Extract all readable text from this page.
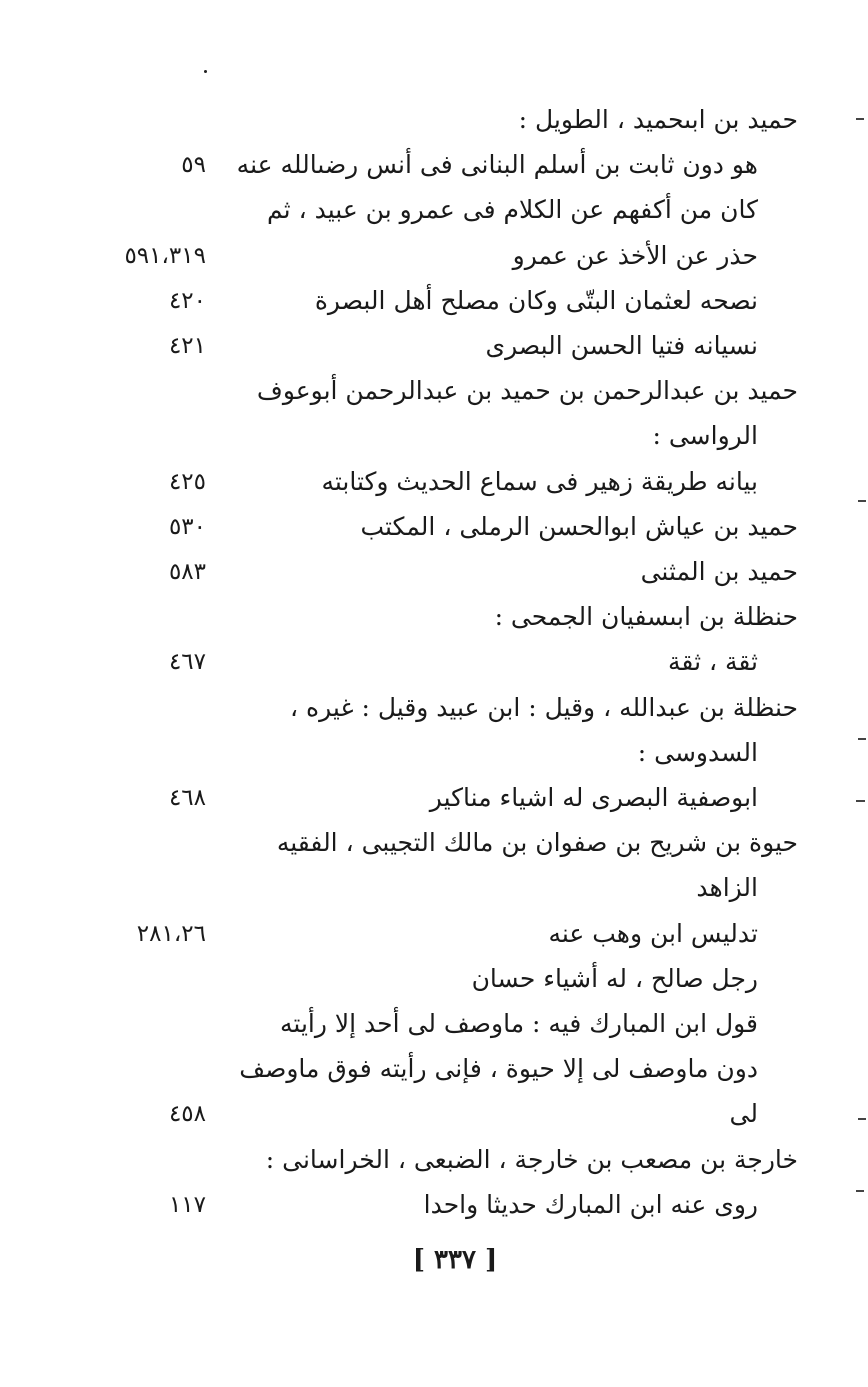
حميد بن ابىحميد ، الطويل :
هو دون ثابت بن أسلم البنانى فى أنس رضىالله عنه
٥٩
كان من أكفهم عن الكلام فى عمرو بن عبيد ، ثم
حذر عن الأخذ عن عمرو
٥٩١،٣١٩
نصحه لعثمان البتّى وكان مصلح أهل البصرة
٤٢٠
نسيانه فتيا الحسن البصرى
٤٢١
حميد بن عبدالرحمن بن حميد بن عبدالرحمن أبوعوف
الرواسى :
بيانه طريقة زهير فى سماع الحديث وكتابته
٤٢٥
حميد بن عياش ابوالحسن الرملى ، المكتب
٥٣٠
حميد بن المثنى
٥٨٣
حنظلة بن ابىسفيان الجمحى :
ثقة ، ثقة
٤٦٧
حنظلة بن عبدالله ، وقيل : ابن عبيد وقيل : غيره ،
السدوسى :
ابوصفية البصرى له اشياء مناكير
٤٦٨
حيوة بن شريح بن صفوان بن مالك التجيبى ، الفقيه
الزاهد
تدليس ابن وهب عنه
٢٨١،٢٦
رجل صالح ، له أشياء حسان
قول ابن المبارك فيه : ماوصف لى أحد إلا رأيته
دون ماوصف لى إلا حيوة ، فإنى رأيته فوق ماوصف
لى
٤٥٨
خارجة بن مصعب بن خارجة ، الضبعى ، الخراسانى :
روى عنه ابن المبارك حديثا واحدا
١١٧
[ ٣٣٧ ]
